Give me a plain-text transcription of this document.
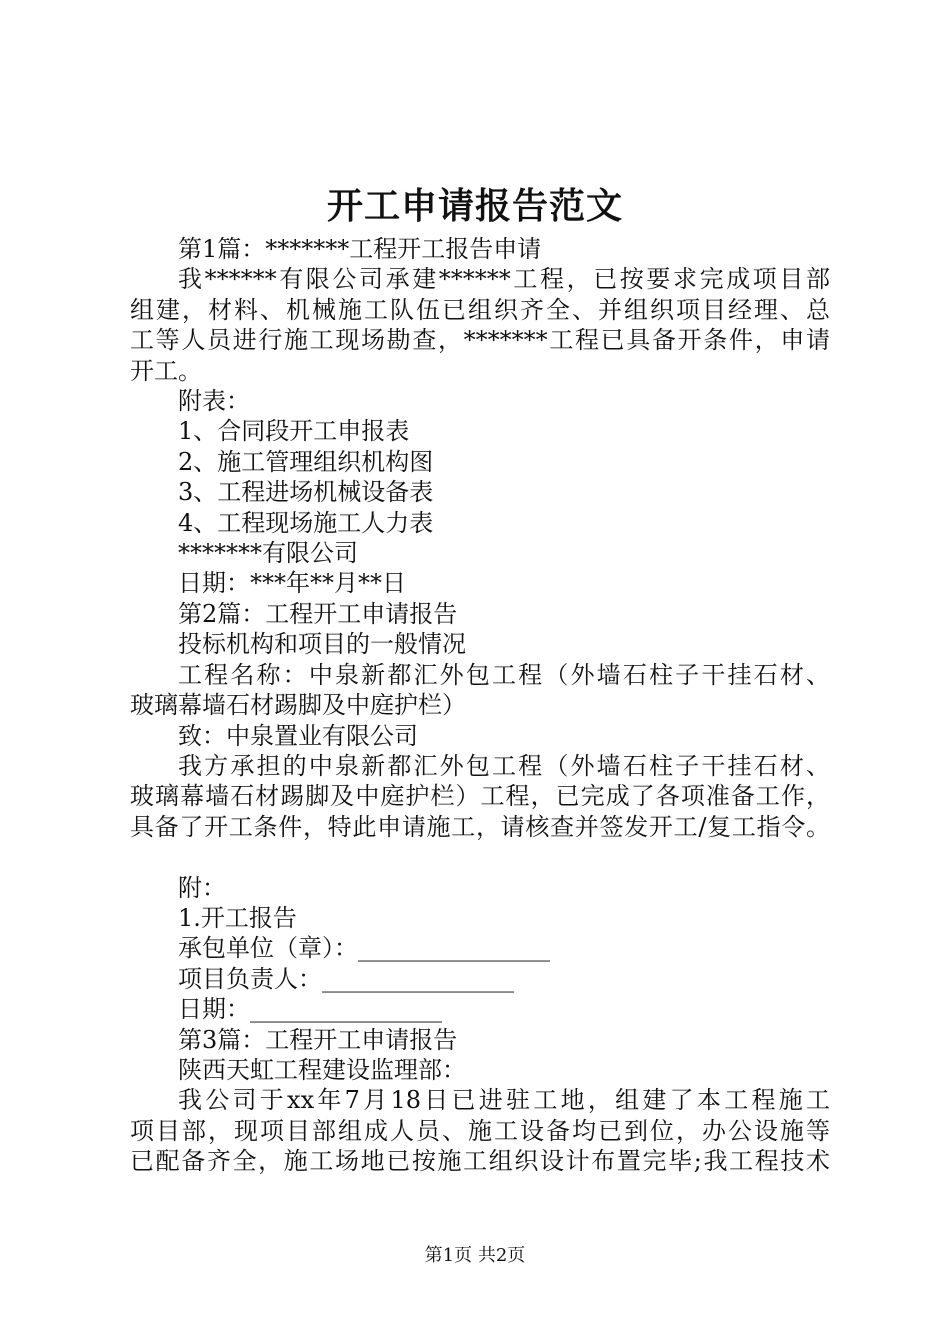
开工申请报告范文
第1篇：*******工程开工报告申请
我******有限公司承建******工程，已按要求完成项目部
组建，材料、机械施工队伍已组织齐全、并组织项目经理、总
工等人员进行施工现场勘查，*******工程已具备开条件，申请
开工。
附表：
1、合同段开工申报表
2、施工管理组织机构图
3、工程进场机械设备表
4、工程现场施工人力表
*******有限公司
日期：***年**月**日
第2篇：工程开工申请报告
投标机构和项目的一般情况
工程名称：中泉新都汇外包工程（外墙石柱子干挂石材、
玻璃幕墙石材踢脚及中庭护栏）
致：中泉置业有限公司
我方承担的中泉新都汇外包工程（外墙石柱子干挂石材、
玻璃幕墙石材踢脚及中庭护栏）工程，已完成了各项准备工作，
具备了开工条件，特此申请施工，请核查并签发开工/复工指令。

附：
1.开工报告
承包单位（章）：________________
项目负责人：________________
日期：________________
第3篇：工程开工申请报告
陕西天虹工程建设监理部：
我公司于xx年7月18日已进驻工地，组建了本工程施工
项目部，现项目部组成人员、施工设备均已到位，办公设施等
已配备齐全，施工场地已按施工组织设计布置完毕;我工程技术
第1页 共2页
